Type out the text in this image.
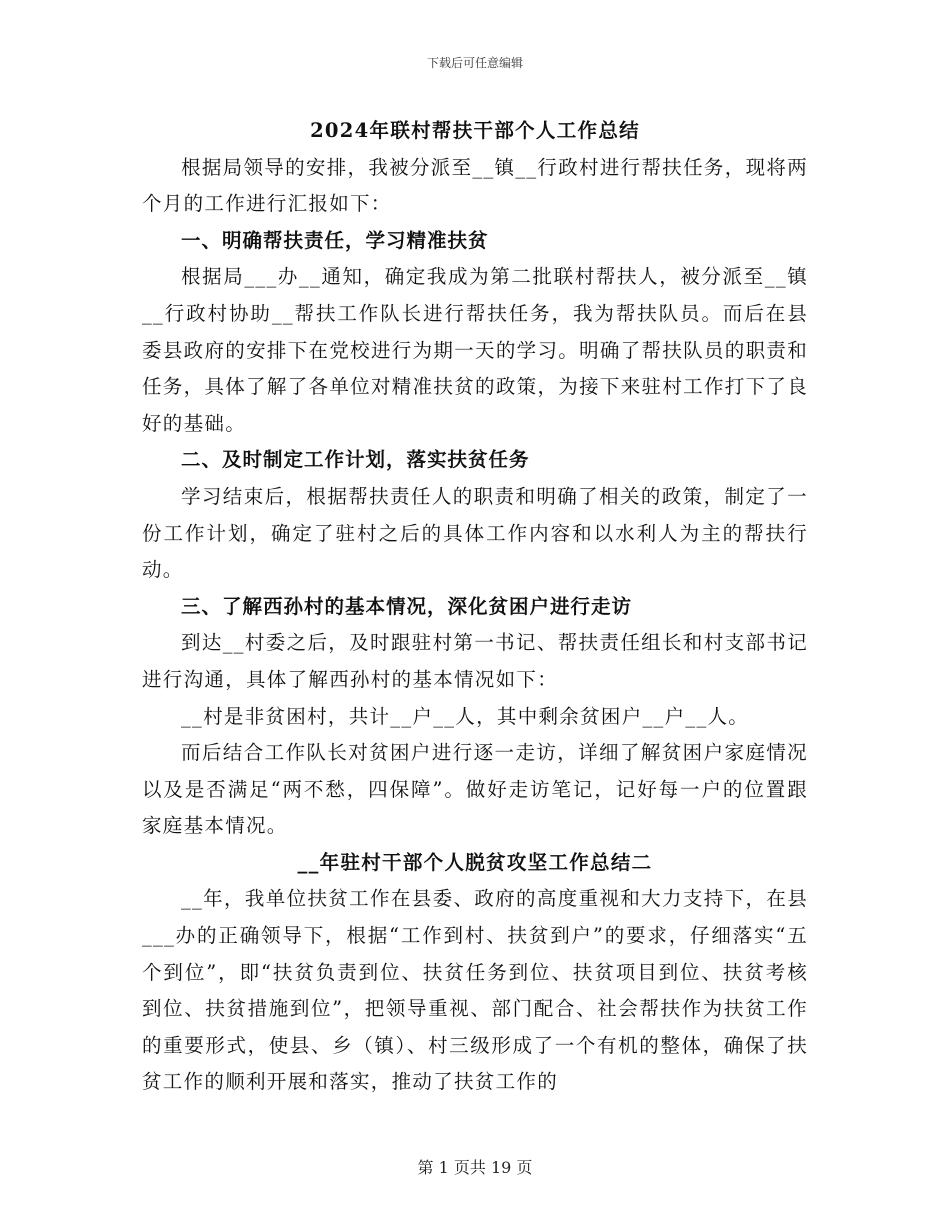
下载后可任意编辑

2024年联村帮扶干部个人工作总结

根据局领导的安排，我被分派至__镇__行政村进行帮扶任务，现将两个月的工作进行汇报如下：

一、明确帮扶责任，学习精准扶贫

根据局___办__通知，确定我成为第二批联村帮扶人，被分派至__镇__行政村协助__帮扶工作队长进行帮扶任务，我为帮扶队员。而后在县委县政府的安排下在党校进行为期一天的学习。明确了帮扶队员的职责和任务，具体了解了各单位对精准扶贫的政策，为接下来驻村工作打下了良好的基础。

二、及时制定工作计划，落实扶贫任务

学习结束后，根据帮扶责任人的职责和明确了相关的政策，制定了一份工作计划，确定了驻村之后的具体工作内容和以水利人为主的帮扶行动。

三、了解西孙村的基本情况，深化贫困户进行走访

到达__村委之后，及时跟驻村第一书记、帮扶责任组长和村支部书记进行沟通，具体了解西孙村的基本情况如下：

__村是非贫困村，共计__户__人，其中剩余贫困户__户__人。

而后结合工作队长对贫困户进行逐一走访，详细了解贫困户家庭情况以及是否满足“两不愁，四保障”。做好走访笔记，记好每一户的位置跟家庭基本情况。

__年驻村干部个人脱贫攻坚工作总结二

__年，我单位扶贫工作在县委、政府的高度重视和大力支持下，在县___办的正确领导下，根据“工作到村、扶贫到户”的要求，仔细落实“五个到位”，即“扶贫负责到位、扶贫任务到位、扶贫项目到位、扶贫考核到位、扶贫措施到位”，把领导重视、部门配合、社会帮扶作为扶贫工作的重要形式，使县、乡（镇）、村三级形成了一个有机的整体，确保了扶贫工作的顺利开展和落实，推动了扶贫工作的

第 1 页共 19 页
